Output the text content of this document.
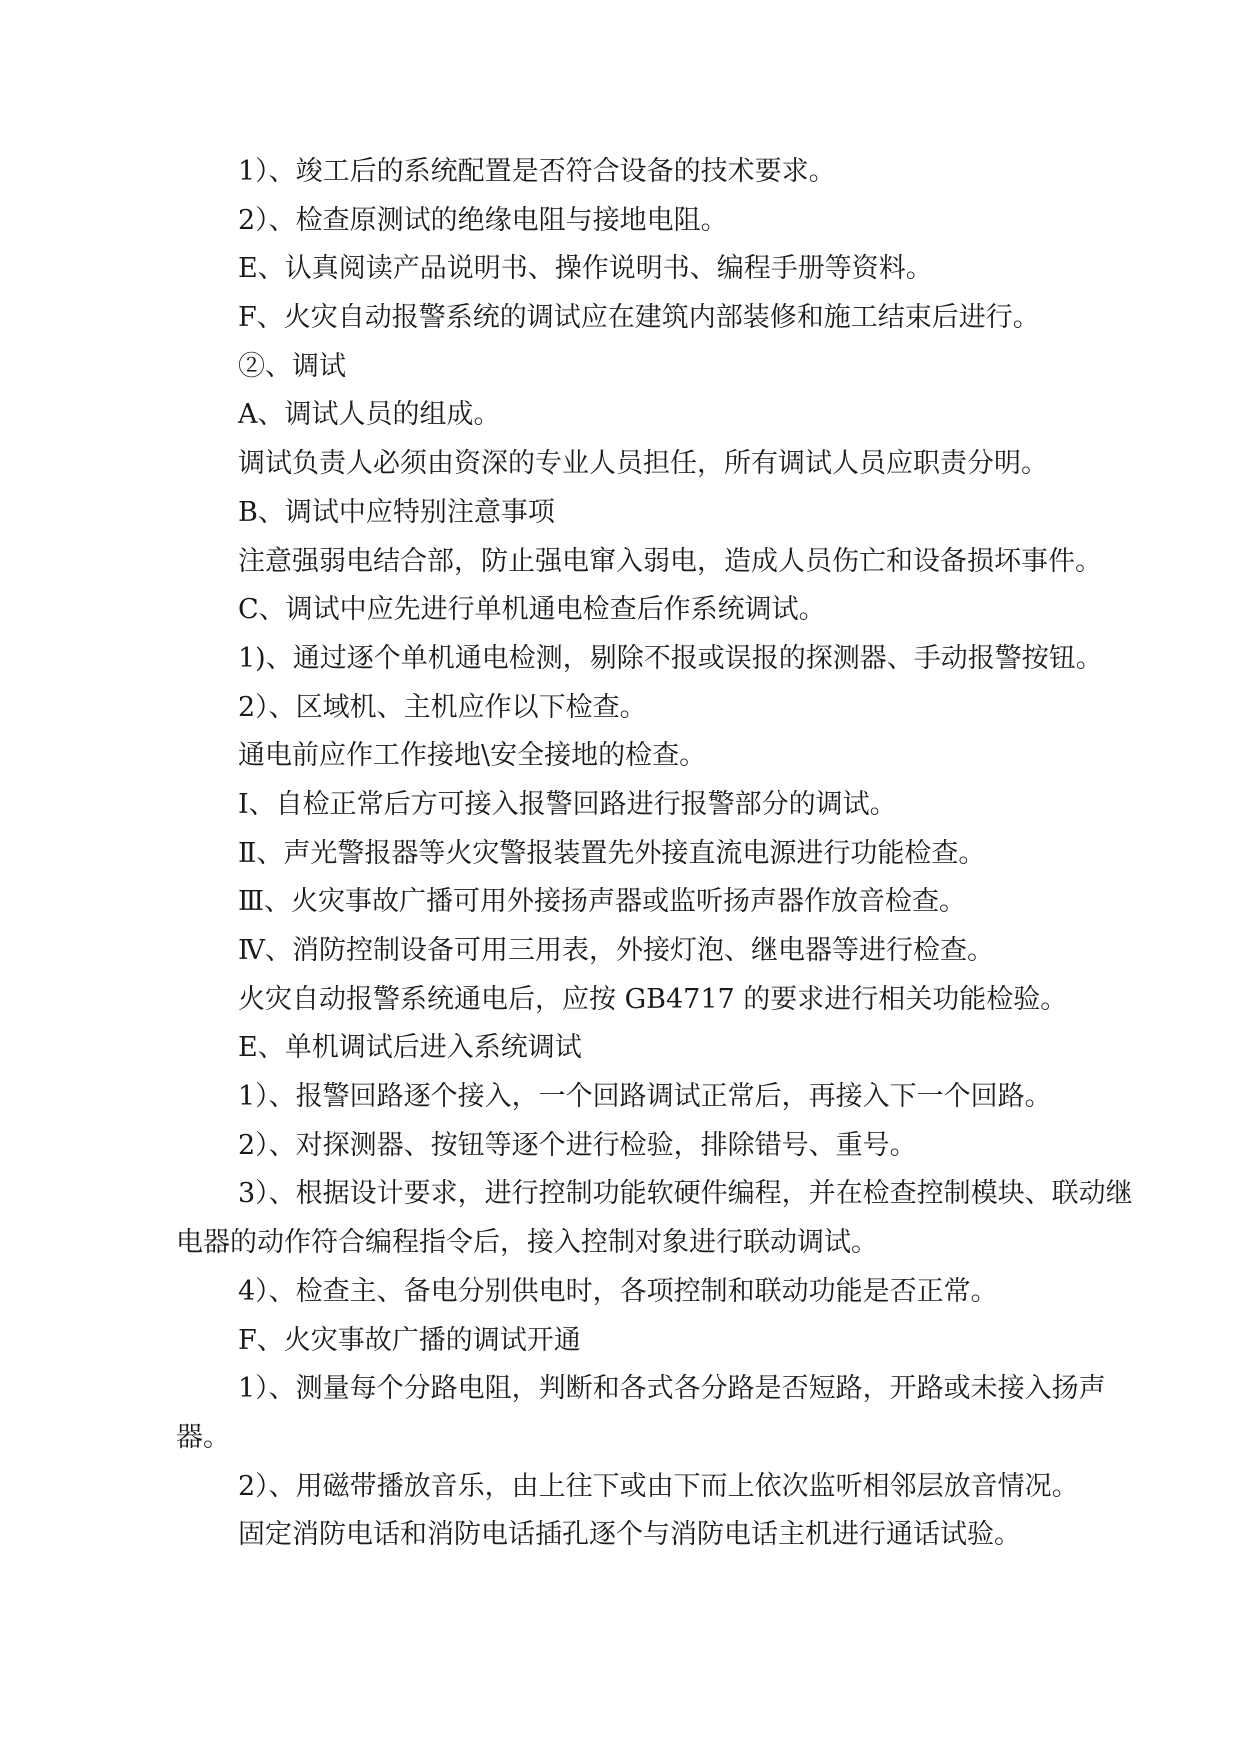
1）、竣工后的系统配置是否符合设备的技术要求。

2）、检查原测试的绝缘电阻与接地电阻。

E、认真阅读产品说明书、操作说明书、编程手册等资料。

F、火灾自动报警系统的调试应在建筑内部装修和施工结束后进行。

②、调试

A、调试人员的组成。

调试负责人必须由资深的专业人员担任，所有调试人员应职责分明。

B、调试中应特别注意事项

注意强弱电结合部，防止强电窜入弱电，造成人员伤亡和设备损坏事件。

C、调试中应先进行单机通电检查后作系统调试。

1)、通过逐个单机通电检测，剔除不报或误报的探测器、手动报警按钮。

2）、区域机、主机应作以下检查。

通电前应作工作接地\安全接地的检查。

Ⅰ、自检正常后方可接入报警回路进行报警部分的调试。

Ⅱ、声光警报器等火灾警报装置先外接直流电源进行功能检查。

Ⅲ、火灾事故广播可用外接扬声器或监听扬声器作放音检查。

Ⅳ、消防控制设备可用三用表，外接灯泡、继电器等进行检查。

火灾自动报警系统通电后，应按 GB4717 的要求进行相关功能检验。

E、单机调试后进入系统调试

1）、报警回路逐个接入，一个回路调试正常后，再接入下一个回路。

2）、对探测器、按钮等逐个进行检验，排除错号、重号。

3）、根据设计要求，进行控制功能软硬件编程，并在检查控制模块、联动继电器的动作符合编程指令后，接入控制对象进行联动调试。

4）、检查主、备电分别供电时，各项控制和联动功能是否正常。

F、火灾事故广播的调试开通

1）、测量每个分路电阻，判断和各式各分路是否短路，开路或未接入扬声器。

2）、用磁带播放音乐，由上往下或由下而上依次监听相邻层放音情况。

固定消防电话和消防电话插孔逐个与消防电话主机进行通话试验。
